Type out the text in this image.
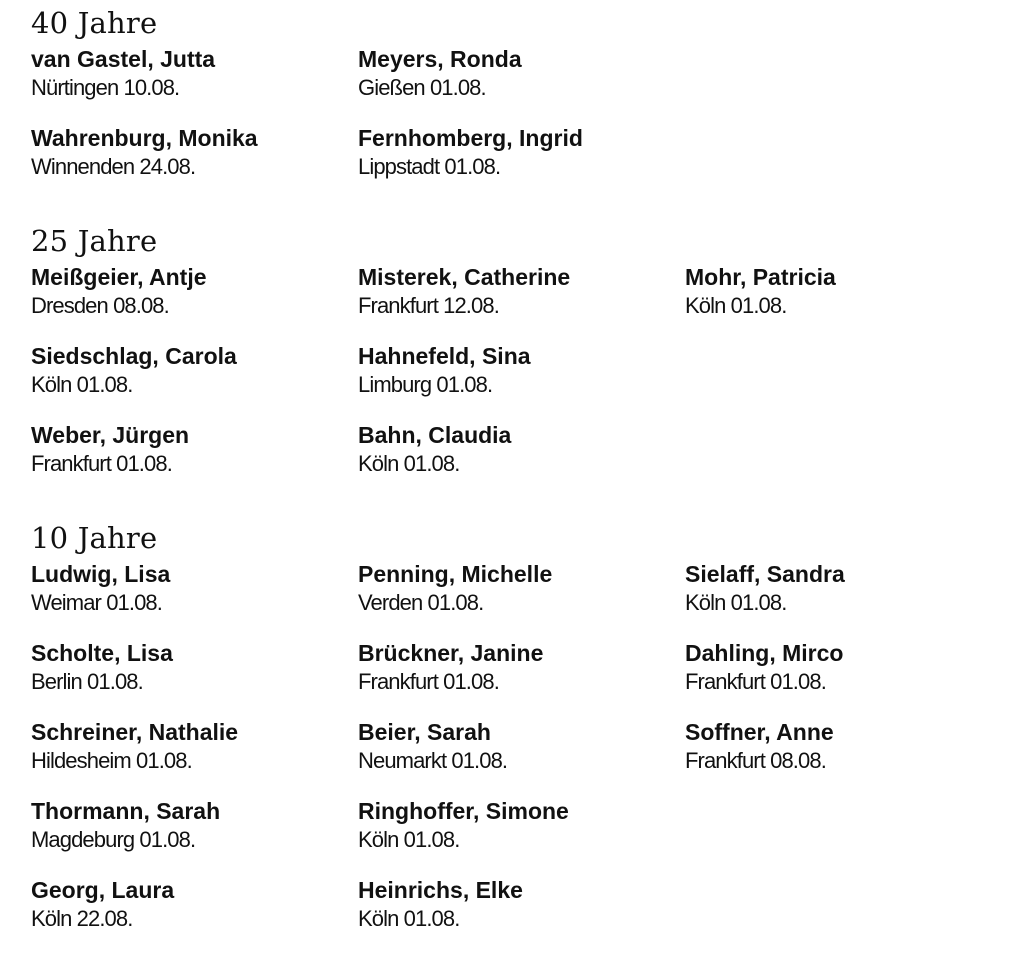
40 Jahre
van Gastel, Jutta
Nürtingen 10.08.
Meyers, Ronda
Gießen 01.08.
Wahrenburg, Monika
Winnenden 24.08.
Fernhomberg, Ingrid
Lippstadt 01.08.
25 Jahre
Meißgeier, Antje
Dresden 08.08.
Misterek, Catherine
Frankfurt 12.08.
Mohr, Patricia
Köln 01.08.
Siedschlag, Carola
Köln 01.08.
Hahnefeld, Sina
Limburg 01.08.
Weber, Jürgen
Frankfurt 01.08.
Bahn, Claudia
Köln 01.08.
10 Jahre
Ludwig, Lisa
Weimar 01.08.
Penning, Michelle
Verden 01.08.
Sielaff, Sandra
Köln 01.08.
Scholte, Lisa
Berlin 01.08.
Brückner, Janine
Frankfurt 01.08.
Dahling, Mirco
Frankfurt 01.08.
Schreiner, Nathalie
Hildesheim 01.08.
Beier, Sarah
Neumarkt 01.08.
Soffner, Anne
Frankfurt 08.08.
Thormann, Sarah
Magdeburg 01.08.
Ringhoffer, Simone
Köln 01.08.
Georg, Laura
Köln 22.08.
Heinrichs, Elke
Köln 01.08.
